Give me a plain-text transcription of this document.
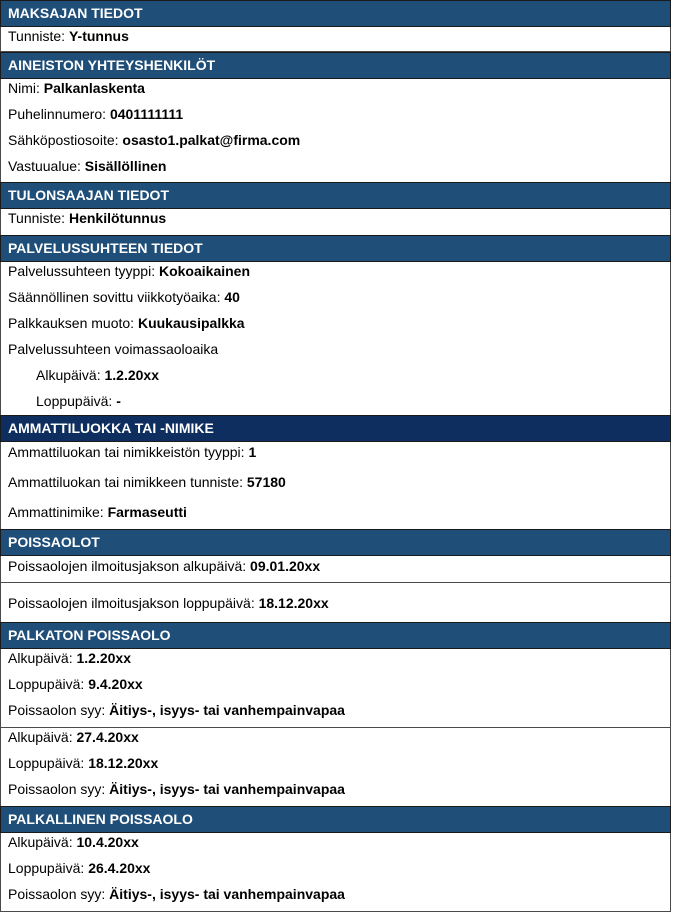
MAKSAJAN TIEDOT
Tunniste: Y-tunnus
AINEISTON YHTEYSHENKILÖT
Nimi: Palkanlaskenta
Puhelinnumero: 0401111111
Sähköpostiosoite: osasto1.palkat@firma.com
Vastuualue: Sisällöllinen
TULONSAAJAN TIEDOT
Tunniste: Henkilötunnus
PALVELUSSUHTEEN TIEDOT
Palvelussuhteen tyyppi: Kokoaikainen
Säännöllinen sovittu viikkotyöaika: 40
Palkkauksen muoto: Kuukausipalkka
Palvelussuhteen voimassaoloaika
Alkupäivä: 1.2.20xx
Loppupäivä: -
AMMATTILUOKKA TAI -NIMIKE
Ammattiluokan tai nimikkeistön tyyppi: 1
Ammattiluokan tai nimikkeen tunniste: 57180
Ammattinimike: Farmaseutti
POISSAOLOT
Poissaolojen ilmoitusjakson alkupäivä: 09.01.20xx
Poissaolojen ilmoitusjakson loppupäivä: 18.12.20xx
PALKATON POISSAOLO
Alkupäivä: 1.2.20xx
Loppupäivä: 9.4.20xx
Poissaolon syy: Äitiys-, isyys- tai vanhempainvapaa
Alkupäivä: 27.4.20xx
Loppupäivä: 18.12.20xx
Poissaolon syy: Äitiys-, isyys- tai vanhempainvapaa
PALKALLINEN POISSAOLO
Alkupäivä: 10.4.20xx
Loppupäivä: 26.4.20xx
Poissaolon syy: Äitiys-, isyys- tai vanhempainvapaa
